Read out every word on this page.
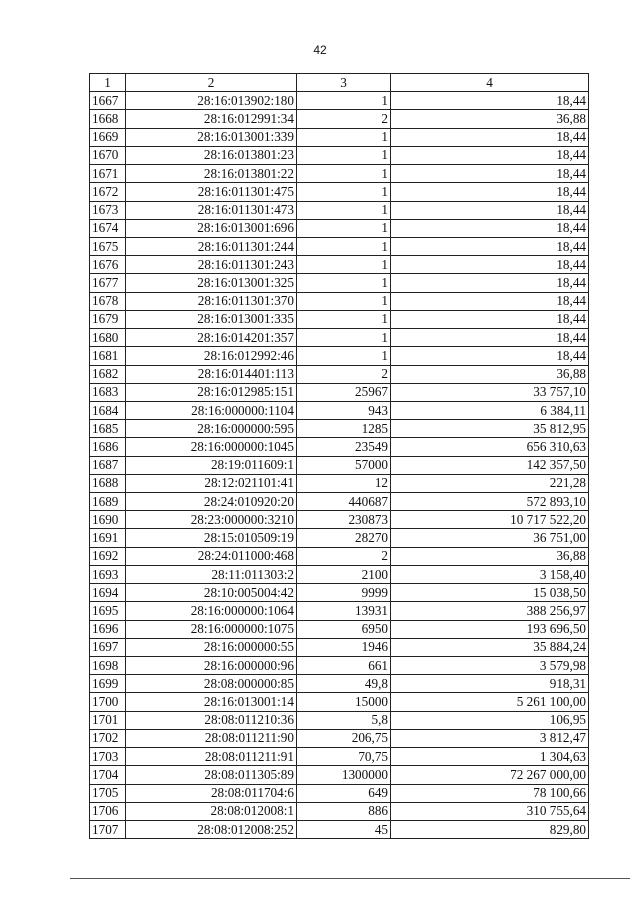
42
1	2	3	4
1667	28:16:013902:180	1	18,44
1668	28:16:012991:34	2	36,88
1669	28:16:013001:339	1	18,44
1670	28:16:013801:23	1	18,44
1671	28:16:013801:22	1	18,44
1672	28:16:011301:475	1	18,44
1673	28:16:011301:473	1	18,44
1674	28:16:013001:696	1	18,44
1675	28:16:011301:244	1	18,44
1676	28:16:011301:243	1	18,44
1677	28:16:013001:325	1	18,44
1678	28:16:011301:370	1	18,44
1679	28:16:013001:335	1	18,44
1680	28:16:014201:357	1	18,44
1681	28:16:012992:46	1	18,44
1682	28:16:014401:113	2	36,88
1683	28:16:012985:151	25967	33 757,10
1684	28:16:000000:1104	943	6 384,11
1685	28:16:000000:595	1285	35 812,95
1686	28:16:000000:1045	23549	656 310,63
1687	28:19:011609:1	57000	142 357,50
1688	28:12:021101:41	12	221,28
1689	28:24:010920:20	440687	572 893,10
1690	28:23:000000:3210	230873	10 717 522,20
1691	28:15:010509:19	28270	36 751,00
1692	28:24:011000:468	2	36,88
1693	28:11:011303:2	2100	3 158,40
1694	28:10:005004:42	9999	15 038,50
1695	28:16:000000:1064	13931	388 256,97
1696	28:16:000000:1075	6950	193 696,50
1697	28:16:000000:55	1946	35 884,24
1698	28:16:000000:96	661	3 579,98
1699	28:08:000000:85	49,8	918,31
1700	28:16:013001:14	15000	5 261 100,00
1701	28:08:011210:36	5,8	106,95
1702	28:08:011211:90	206,75	3 812,47
1703	28:08:011211:91	70,75	1 304,63
1704	28:08:011305:89	1300000	72 267 000,00
1705	28:08:011704:6	649	78 100,66
1706	28:08:012008:1	886	310 755,64
1707	28:08:012008:252	45	829,80
